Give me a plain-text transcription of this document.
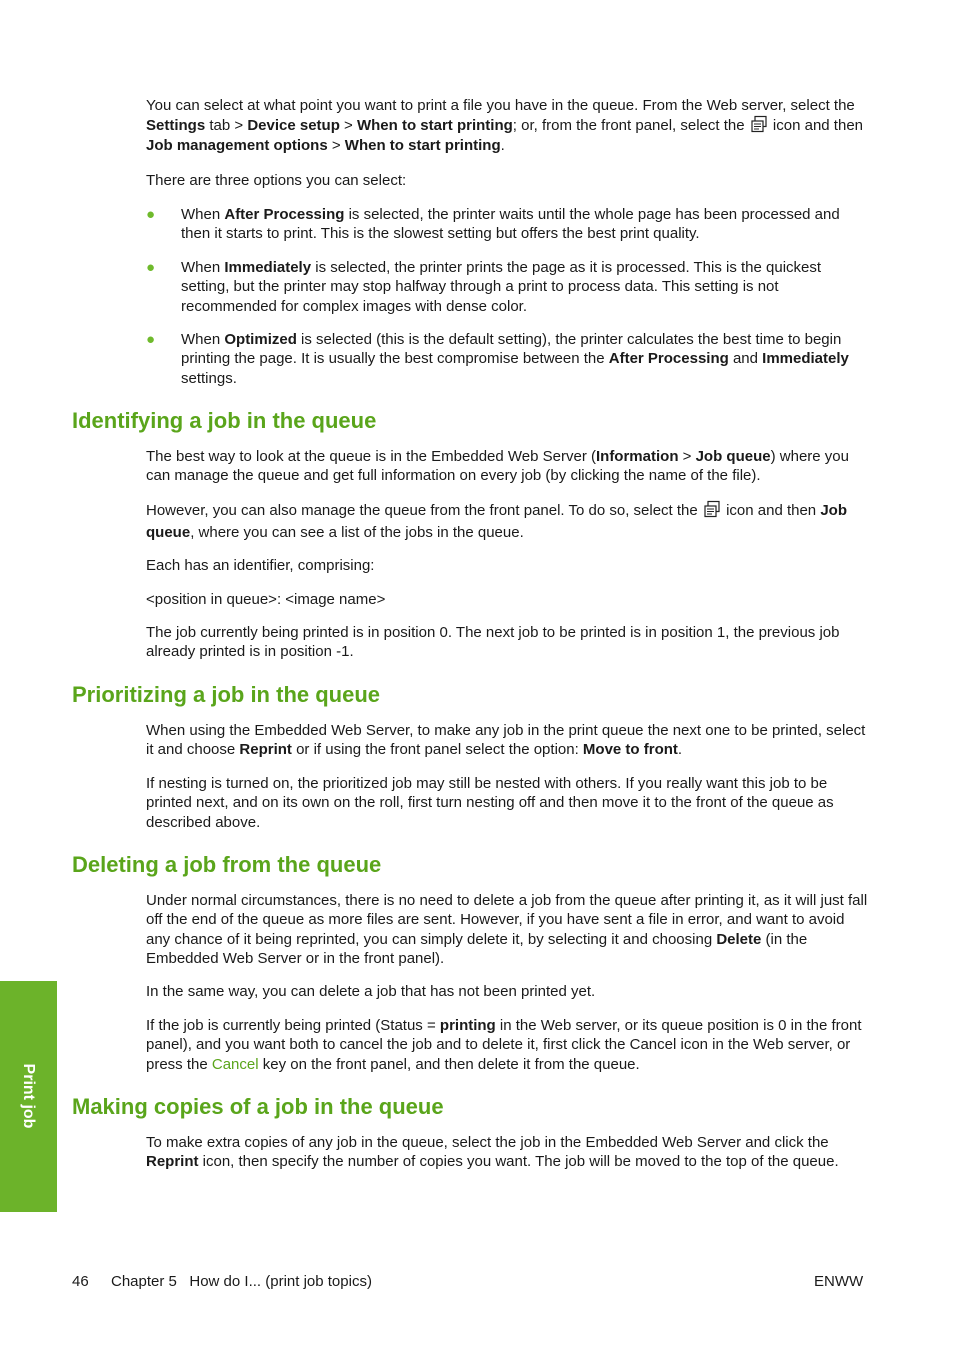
You can select at what point you want to print a file you have in the queue. From the Web server, select the Settings tab > Device setup > When to start printing; or, from the front panel, select the  icon and then Job management options > When to start printing.

There are three options you can select:

● When After Processing is selected, the printer waits until the whole page has been processed and then it starts to print. This is the slowest setting but offers the best print quality.
● When Immediately is selected, the printer prints the page as it is processed. This is the quickest setting, but the printer may stop halfway through a print to process data. This setting is not recommended for complex images with dense color.
● When Optimized is selected (this is the default setting), the printer calculates the best time to begin printing the page. It is usually the best compromise between the After Processing and Immediately settings.
Identifying a job in the queue

The best way to look at the queue is in the Embedded Web Server (Information > Job queue) where you can manage the queue and get full information on every job (by clicking the name of the file).

However, you can also manage the queue from the front panel. To do so, select the  icon and then Job queue, where you can see a list of the jobs in the queue.

Each has an identifier, comprising:

<position in queue>: <image name>

The job currently being printed is in position 0. The next job to be printed is in position 1, the previous job already printed is in position -1.

Prioritizing a job in the queue

When using the Embedded Web Server, to make any job in the print queue the next one to be printed, select it and choose Reprint or if using the front panel select the option: Move to front.

If nesting is turned on, the prioritized job may still be nested with others. If you really want this job to be printed next, and on its own on the roll, first turn nesting off and then move it to the front of the queue as described above.

Deleting a job from the queue

Under normal circumstances, there is no need to delete a job from the queue after printing it, as it will just fall off the end of the queue as more files are sent. However, if you have sent a file in error, and want to avoid any chance of it being reprinted, you can simply delete it, by selecting it and choosing Delete (in the Embedded Web Server or in the front panel).

In the same way, you can delete a job that has not been printed yet.

If the job is currently being printed (Status = printing in the Web server, or its queue position is 0 in the front panel), and you want both to cancel the job and to delete it, first click the Cancel icon in the Web server, or press the Cancel key on the front panel, and then delete it from the queue.

Making copies of a job in the queue

To make extra copies of any job in the queue, select the job in the Embedded Web Server and click the Reprint icon, then specify the number of copies you want. The job will be moved to the top of the queue.

Print job
46 Chapter 5   How do I... (print job topics)	ENWW
